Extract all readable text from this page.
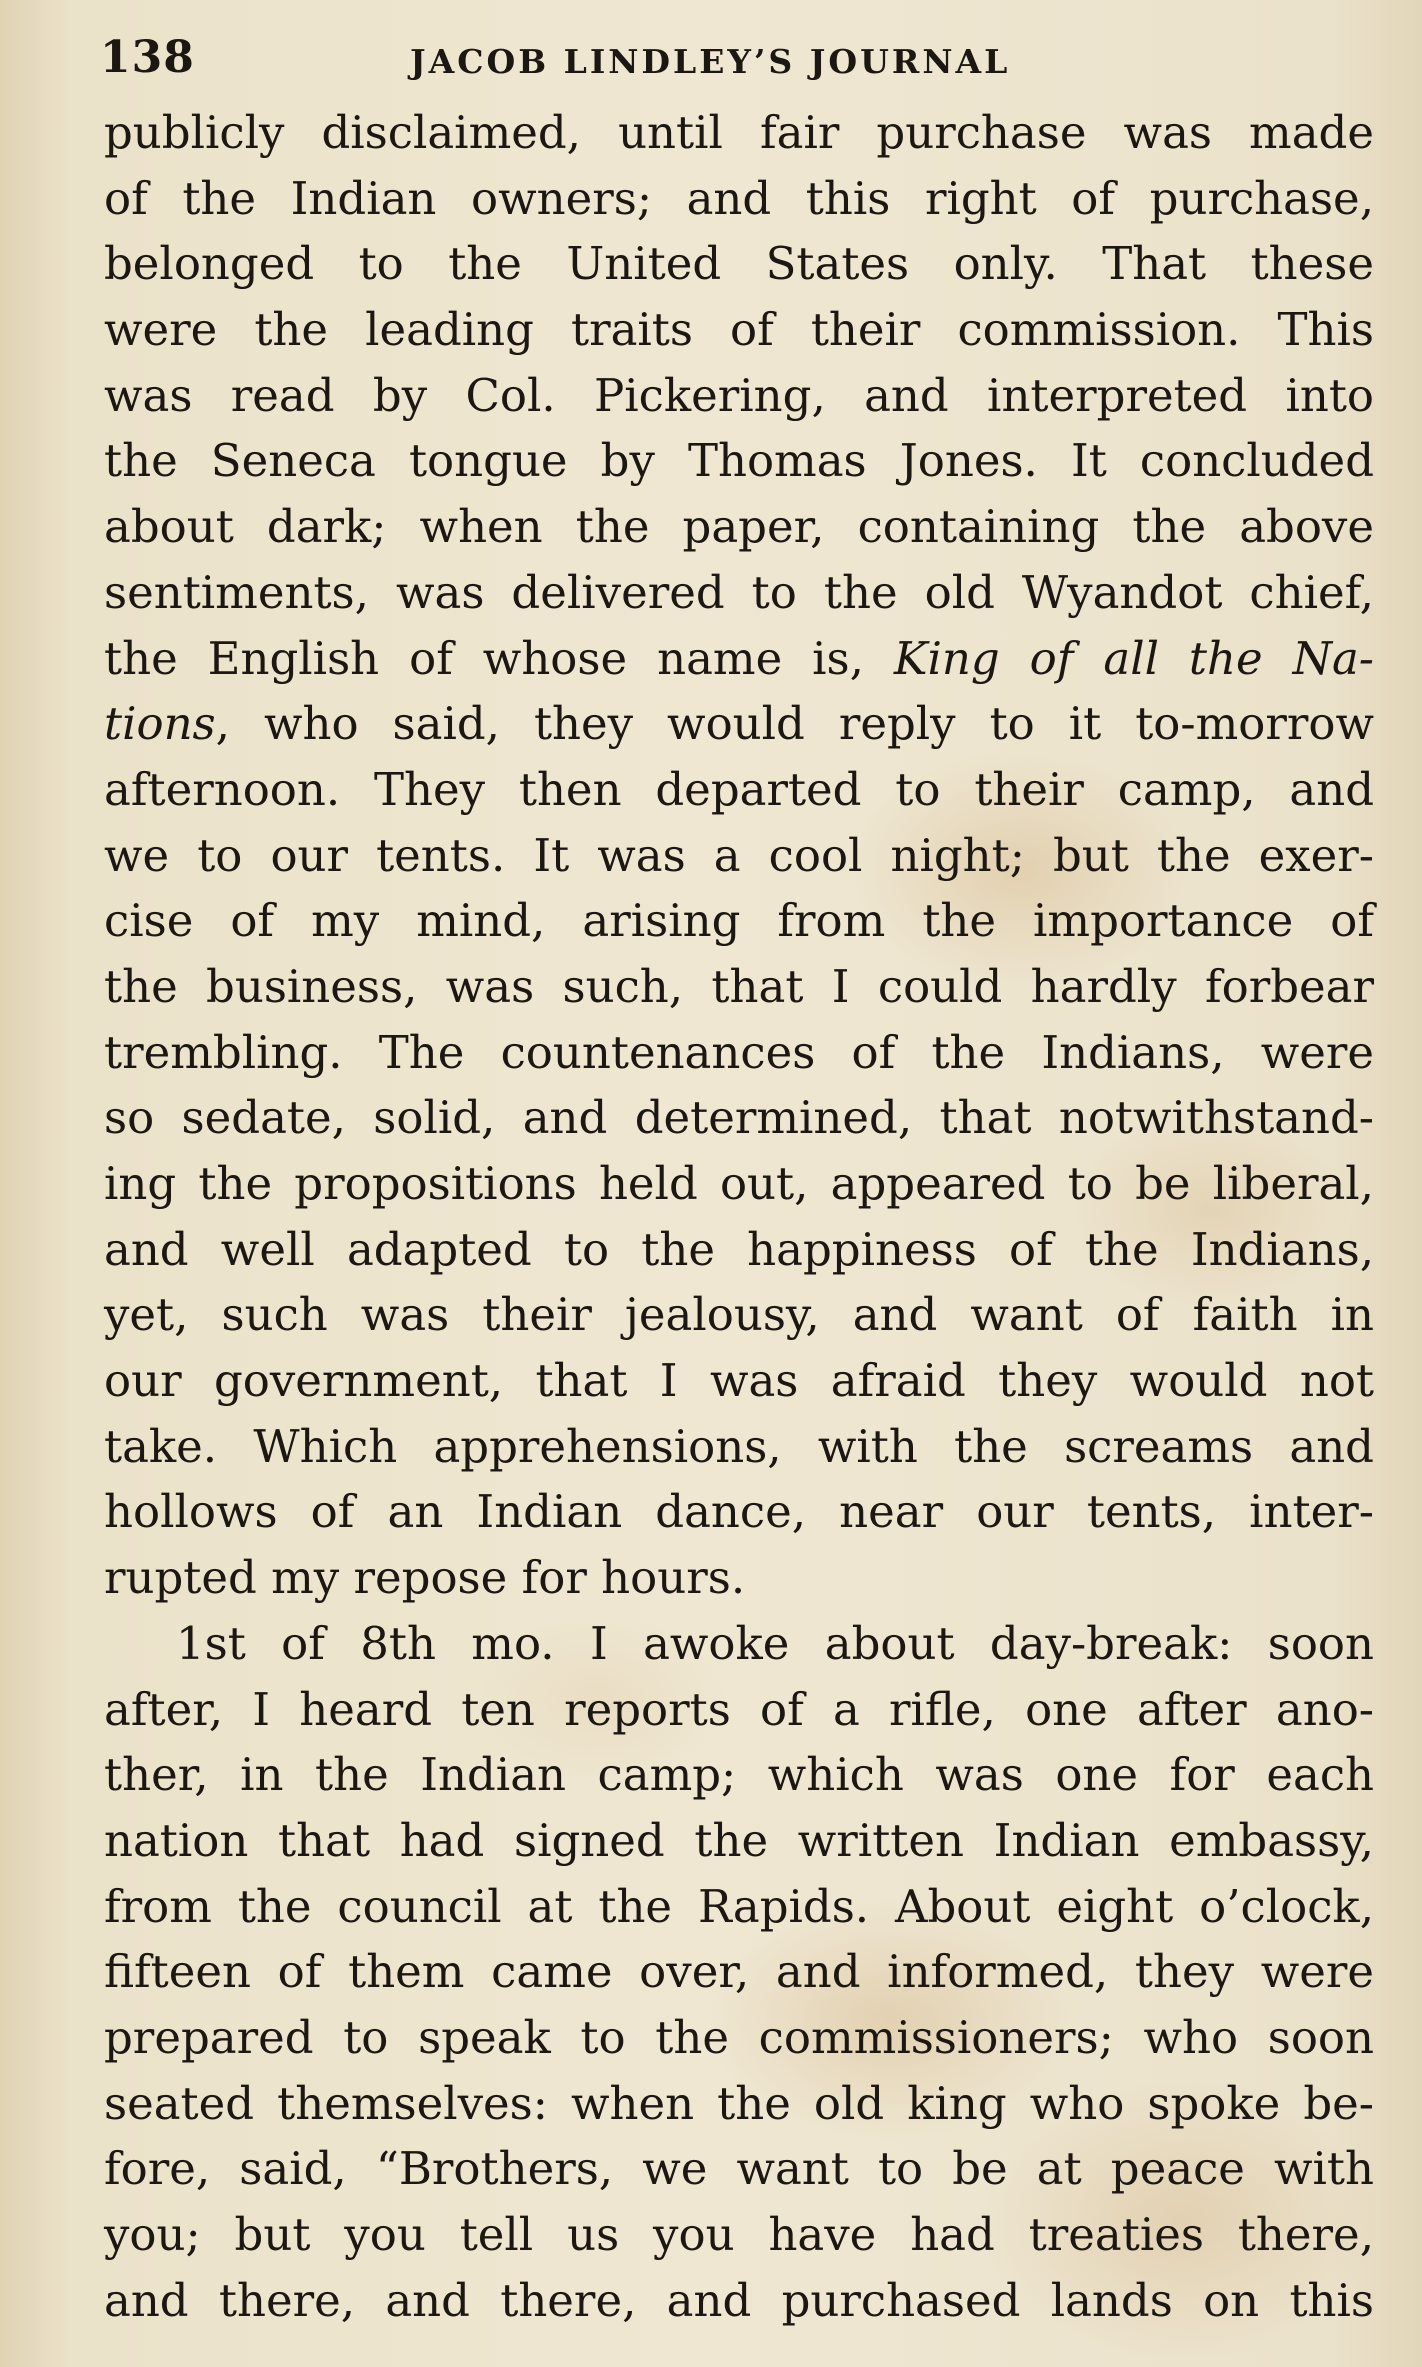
138	JACOB LINDLEY’S JOURNAL
publicly disclaimed, until fair purchase was made
of the Indian owners; and this right of purchase,
belonged to the United States only. That these
were the leading traits of their commission. This
was read by Col. Pickering, and interpreted into
the Seneca tongue by Thomas Jones. It concluded
about dark; when the paper, containing the above
sentiments, was delivered to the old Wyandot chief,
the English of whose name is, King of all the Na-
tions, who said, they would reply to it to-morrow
afternoon. They then departed to their camp, and
we to our tents. It was a cool night; but the exer-
cise of my mind, arising from the importance of
the business, was such, that I could hardly forbear
trembling. The countenances of the Indians, were
so sedate, solid, and determined, that notwithstand-
ing the propositions held out, appeared to be liberal,
and well adapted to the happiness of the Indians,
yet, such was their jealousy, and want of faith in
our government, that I was afraid they would not
take. Which apprehensions, with the screams and
hollows of an Indian dance, near our tents, inter-
rupted my repose for hours.
1st of 8th mo. I awoke about day-break: soon
after, I heard ten reports of a rifle, one after ano-
ther, in the Indian camp; which was one for each
nation that had signed the written Indian embassy,
from the council at the Rapids. About eight o’clock,
fifteen of them came over, and informed, they were
prepared to speak to the commissioners; who soon
seated themselves: when the old king who spoke be-
fore, said, “Brothers, we want to be at peace with
you; but you tell us you have had treaties there,
and there, and there, and purchased lands on this
